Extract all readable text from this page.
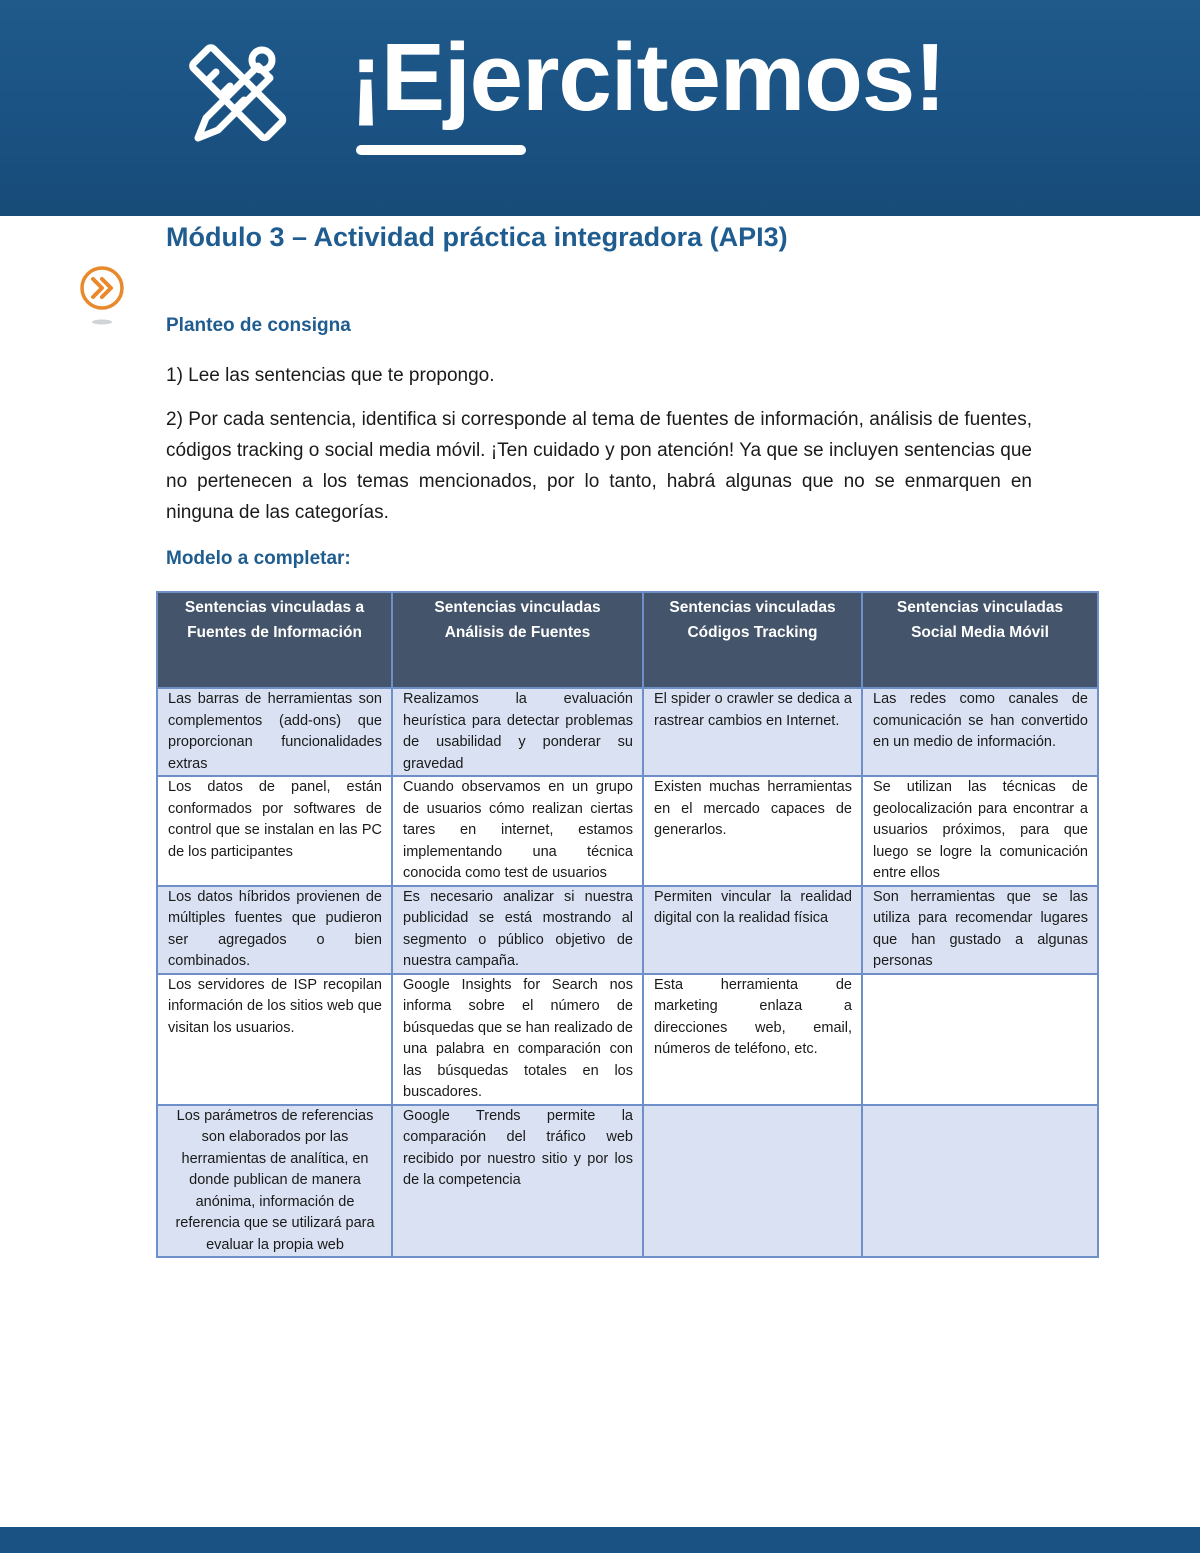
¡Ejercitemos!
Módulo 3 – Actividad práctica integradora (API3)
Planteo de consigna

1) Lee las sentencias que te propongo.

2) Por cada sentencia, identifica si corresponde al tema de fuentes de información, análisis de fuentes, códigos tracking o social media móvil. ¡Ten cuidado y pon atención! Ya que se incluyen sentencias que no pertenecen a los temas mencionados, por lo tanto, habrá algunas que no se enmarquen en ninguna de las categorías.

Modelo a completar:
Sentencias vinculadas a Fuentes de Información	Sentencias vinculadas Análisis de Fuentes	Sentencias vinculadas Códigos Tracking	Sentencias vinculadas Social Media Móvil
Las barras de herramientas son complementos (add-ons) que proporcionan funcionalidades extras	Realizamos la evaluación heurística para detectar problemas de usabilidad y ponderar su gravedad	El spider o crawler se dedica a rastrear cambios en Internet.	Las redes como canales de comunicación se han convertido en un medio de información.
Los datos de panel, están conformados por softwares de control que se instalan en las PC de los participantes	Cuando observamos en un grupo de usuarios cómo realizan ciertas tares en internet, estamos implementando una técnica conocida como test de usuarios	Existen muchas herramientas en el mercado capaces de generarlos.	Se utilizan las técnicas de geolocalización para encontrar a usuarios próximos, para que luego se logre la comunicación entre ellos
Los datos híbridos provienen de múltiples fuentes que pudieron ser agregados o bien combinados.	Es necesario analizar si nuestra publicidad se está mostrando al segmento o público objetivo de nuestra campaña.	Permiten vincular la realidad digital con la realidad física	Son herramientas que se las utiliza para recomendar lugares que han gustado a algunas personas
Los servidores de ISP recopilan información de los sitios web que visitan los usuarios.	Google Insights for Search nos informa sobre el número de búsquedas que se han realizado de una palabra en comparación con las búsquedas totales en los buscadores.	Esta herramienta de marketing enlaza a direcciones web, email, números de teléfono, etc.	
Los parámetros de referencias son elaborados por las herramientas de analítica, en donde publican de manera anónima, información de referencia que se utilizará para evaluar la propia web	Google Trends permite la comparación del tráfico web recibido por nuestro sitio y por los de la competencia		
